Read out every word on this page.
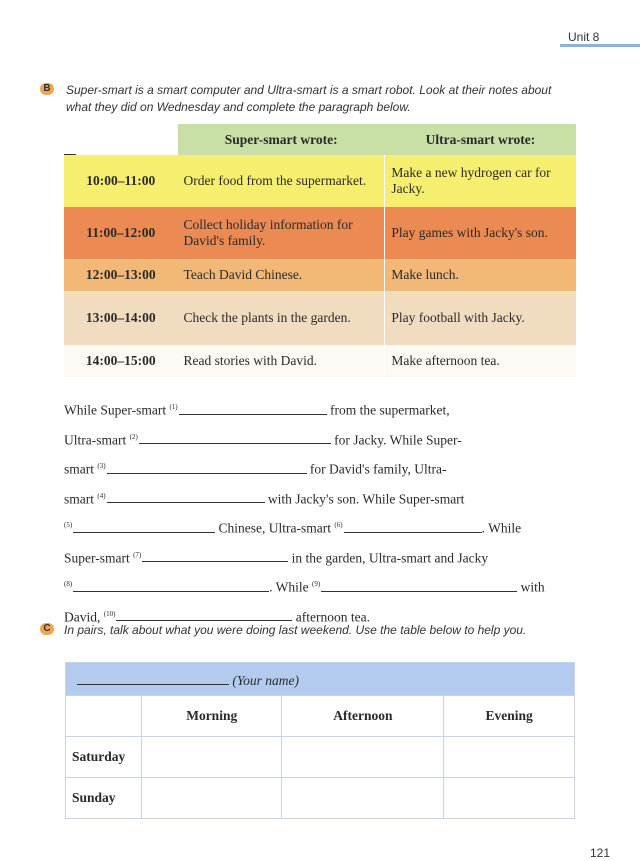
Unit 8
B Super-smart is a smart computer and Ultra-smart is a smart robot. Look at their notes about what they did on Wednesday and complete the paragraph below.
Super-smart wrote:	Ultra-smart wrote:
10:00–11:00	Order food from the supermarket.	Make a new hydrogen car for Jacky.
11:00–12:00	Collect holiday information for David's family.	Play games with Jacky's son.
12:00–13:00	Teach David Chinese.	Make lunch.
13:00–14:00	Check the plants in the garden.	Play football with Jacky.
14:00–15:00	Read stories with David.	Make afternoon tea.
While Super-smart $^{(1)}$	from the supermarket,
Ultra-smart $^{(2)}$	for Jacky. While Super-
smart $^{(3)}$	for David's family, Ultra-
smart $^{(4)}$	with Jacky's son. While Super-smart
$^{(5)}$	Chinese, Ultra-smart $^{(6)}$	. While
Super-smart $^{(7)}$	in the garden, Ultra-smart and Jacky
$^{(8)}$	. While $^{(9)}$	with
David, $^{(10)}$	afternoon tea.
C In pairs, talk about what you were doing last weekend. Use the table below to help you.
(Your name)			
	Morning	Afternoon	Evening
Saturday			
Sunday			
121
